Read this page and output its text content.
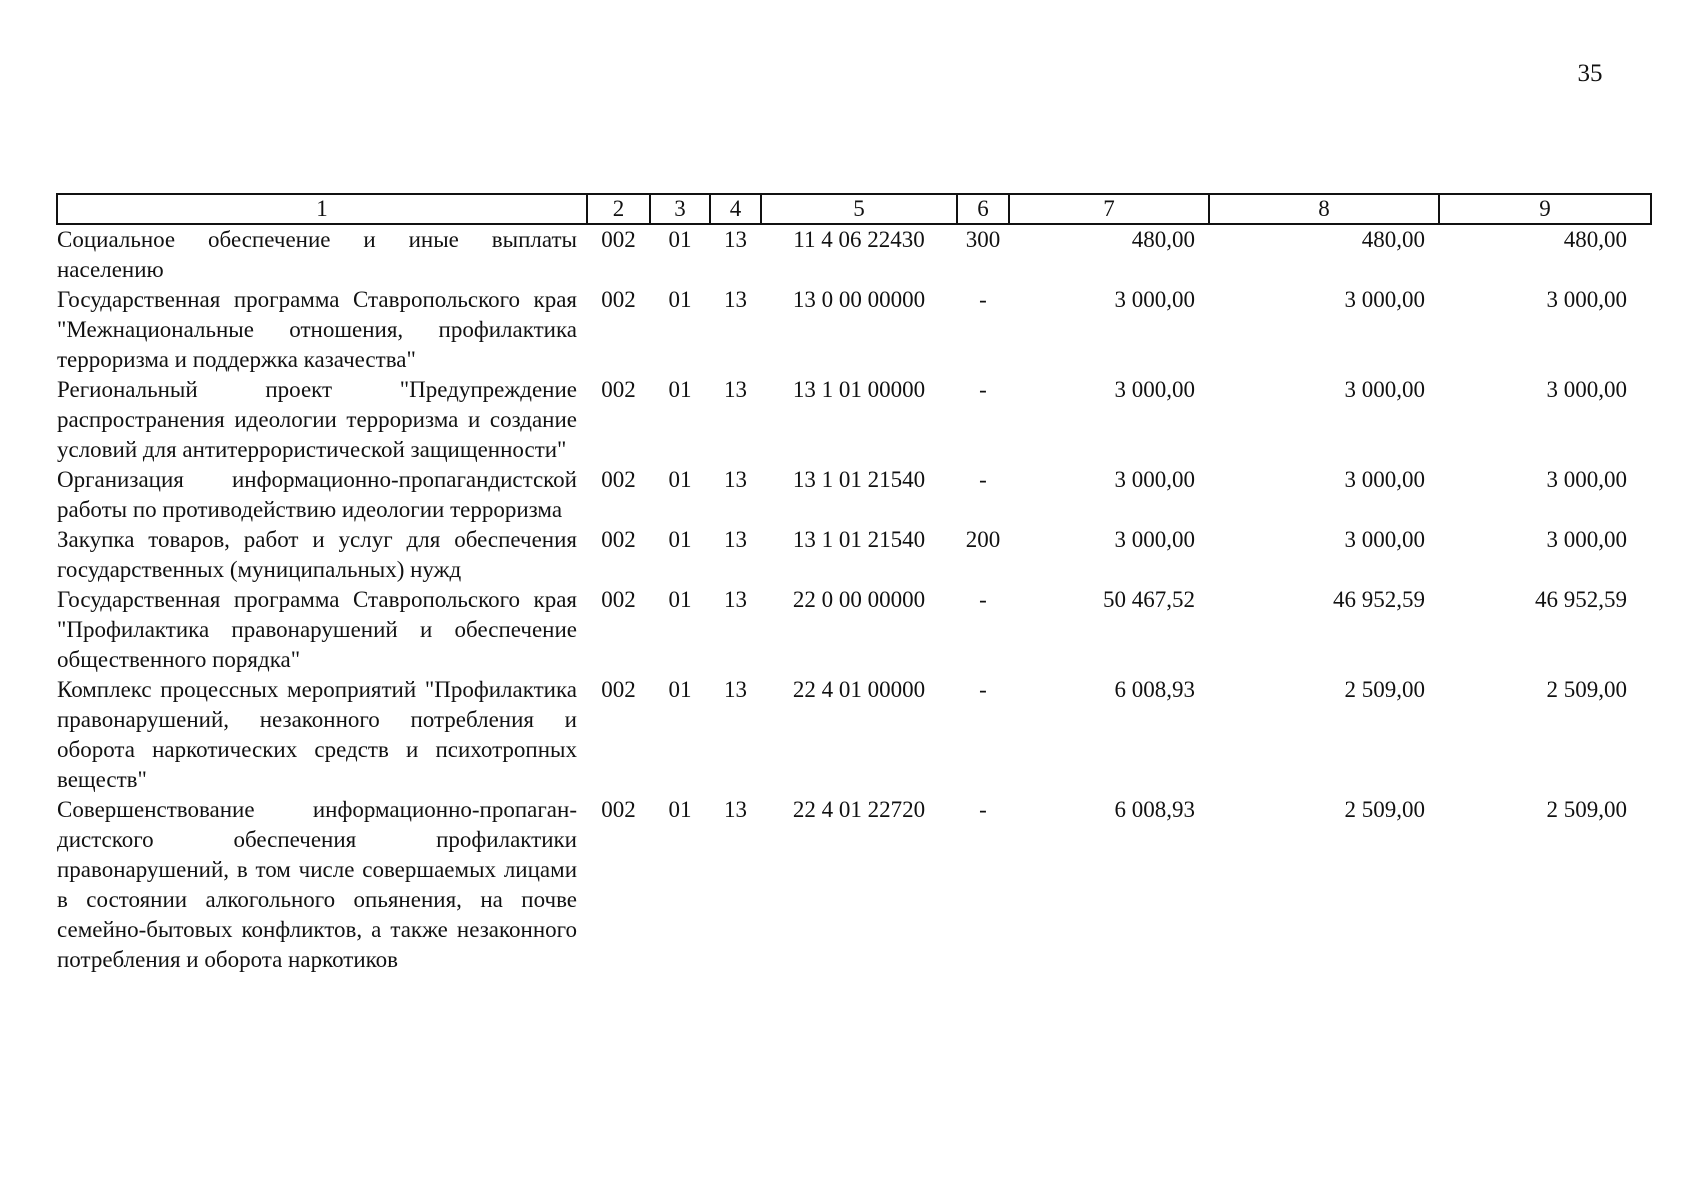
35
1	2	3	4	5	6	7	8	9
Социальное обеспечение и иные выплаты населению	002	01	13	11 4 06 22430	300	480,00	480,00	480,00
Государственная программа Ставропольского края "Межнациональные отношения, профилактика терроризма и поддержка казачества"	002	01	13	13 0 00 00000	-	3 000,00	3 000,00	3 000,00
Региональный проект "Предупреждение распространения идеологии терроризма и создание условий для антитеррористической защищенности"	002	01	13	13 1 01 00000	-	3 000,00	3 000,00	3 000,00
Организация информационно-пропагандистской работы по противодействию идеологии терроризма	002	01	13	13 1 01 21540	-	3 000,00	3 000,00	3 000,00
Закупка товаров, работ и услуг для обеспечения государственных (муниципальных) нужд	002	01	13	13 1 01 21540	200	3 000,00	3 000,00	3 000,00
Государственная программа Ставропольского края "Профилактика правонарушений и обеспечение общественного порядка"	002	01	13	22 0 00 00000	-	50 467,52	46 952,59	46 952,59
Комплекс процессных мероприятий "Профилактика правонарушений, незаконного потребления и оборота наркотических средств и психотропных веществ"	002	01	13	22 4 01 00000	-	6 008,93	2 509,00	2 509,00
Совершенствование информационно-пропагандистского обеспечения профилактики правонарушений, в том числе совершаемых лицами в состоянии алкогольного опьянения, на почве семейно-бытовых конфликтов, а также незаконного потребления и оборота наркотиков	002	01	13	22 4 01 22720	-	6 008,93	2 509,00	2 509,00
